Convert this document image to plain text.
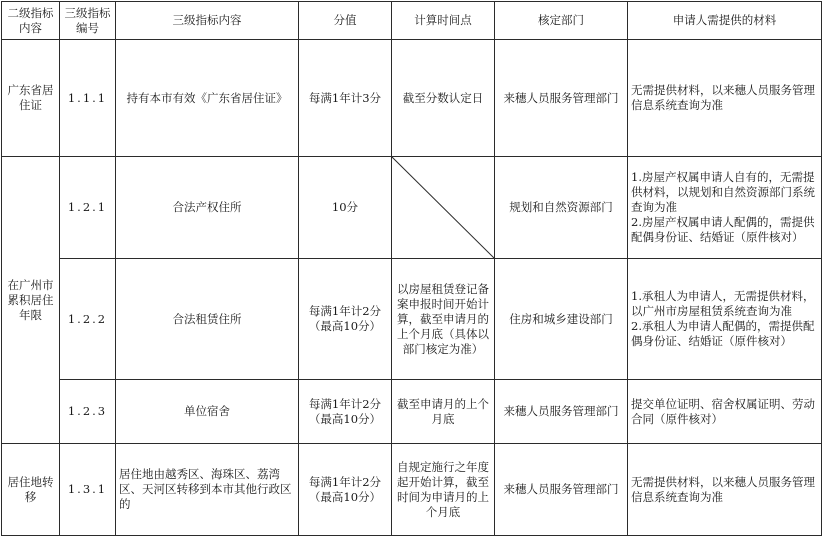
二级指标内容	三级指标编号	三级指标内容	分值	计算时间点	核定部门	申请人需提供的材料
广东省居住证	1.1.1	持有本市有效《广东省居住证》	每满1年计3分	截至分数认定日	来穗人员服务管理部门	无需提供材料，以来穗人员服务管理信息系统查询为准
在广州市累积居住年限	1.2.1	合法产权住所	10分		规划和自然资源部门	1.房屋产权属申请人自有的，无需提供材料，以规划和自然资源部门系统查询为准
2.房屋产权属申请人配偶的，需提供配偶身份证、结婚证（原件核对）
	1.2.2	合法租赁住所	每满1年计2分（最高10分）	以房屋租赁登记备案申报时间开始计算，截至申请月的上个月底（具体以部门核定为准）	住房和城乡建设部门	1.承租人为申请人，无需提供材料，以广州市房屋租赁系统查询为准
2.承租人为申请人配偶的，需提供配偶身份证、结婚证（原件核对）
	1.2.3	单位宿舍	每满1年计2分（最高10分）	截至申请月的上个月底	来穗人员服务管理部门	提交单位证明、宿舍权属证明、劳动合同（原件核对）
居住地转移	1.3.1	居住地由越秀区、海珠区、荔湾区、天河区转移到本市其他行政区的	每满1年计2分（最高10分）	自规定施行之年度起开始计算，截至时间为申请月的上个月底	来穗人员服务管理部门	无需提供材料，以来穗人员服务管理信息系统查询为准
